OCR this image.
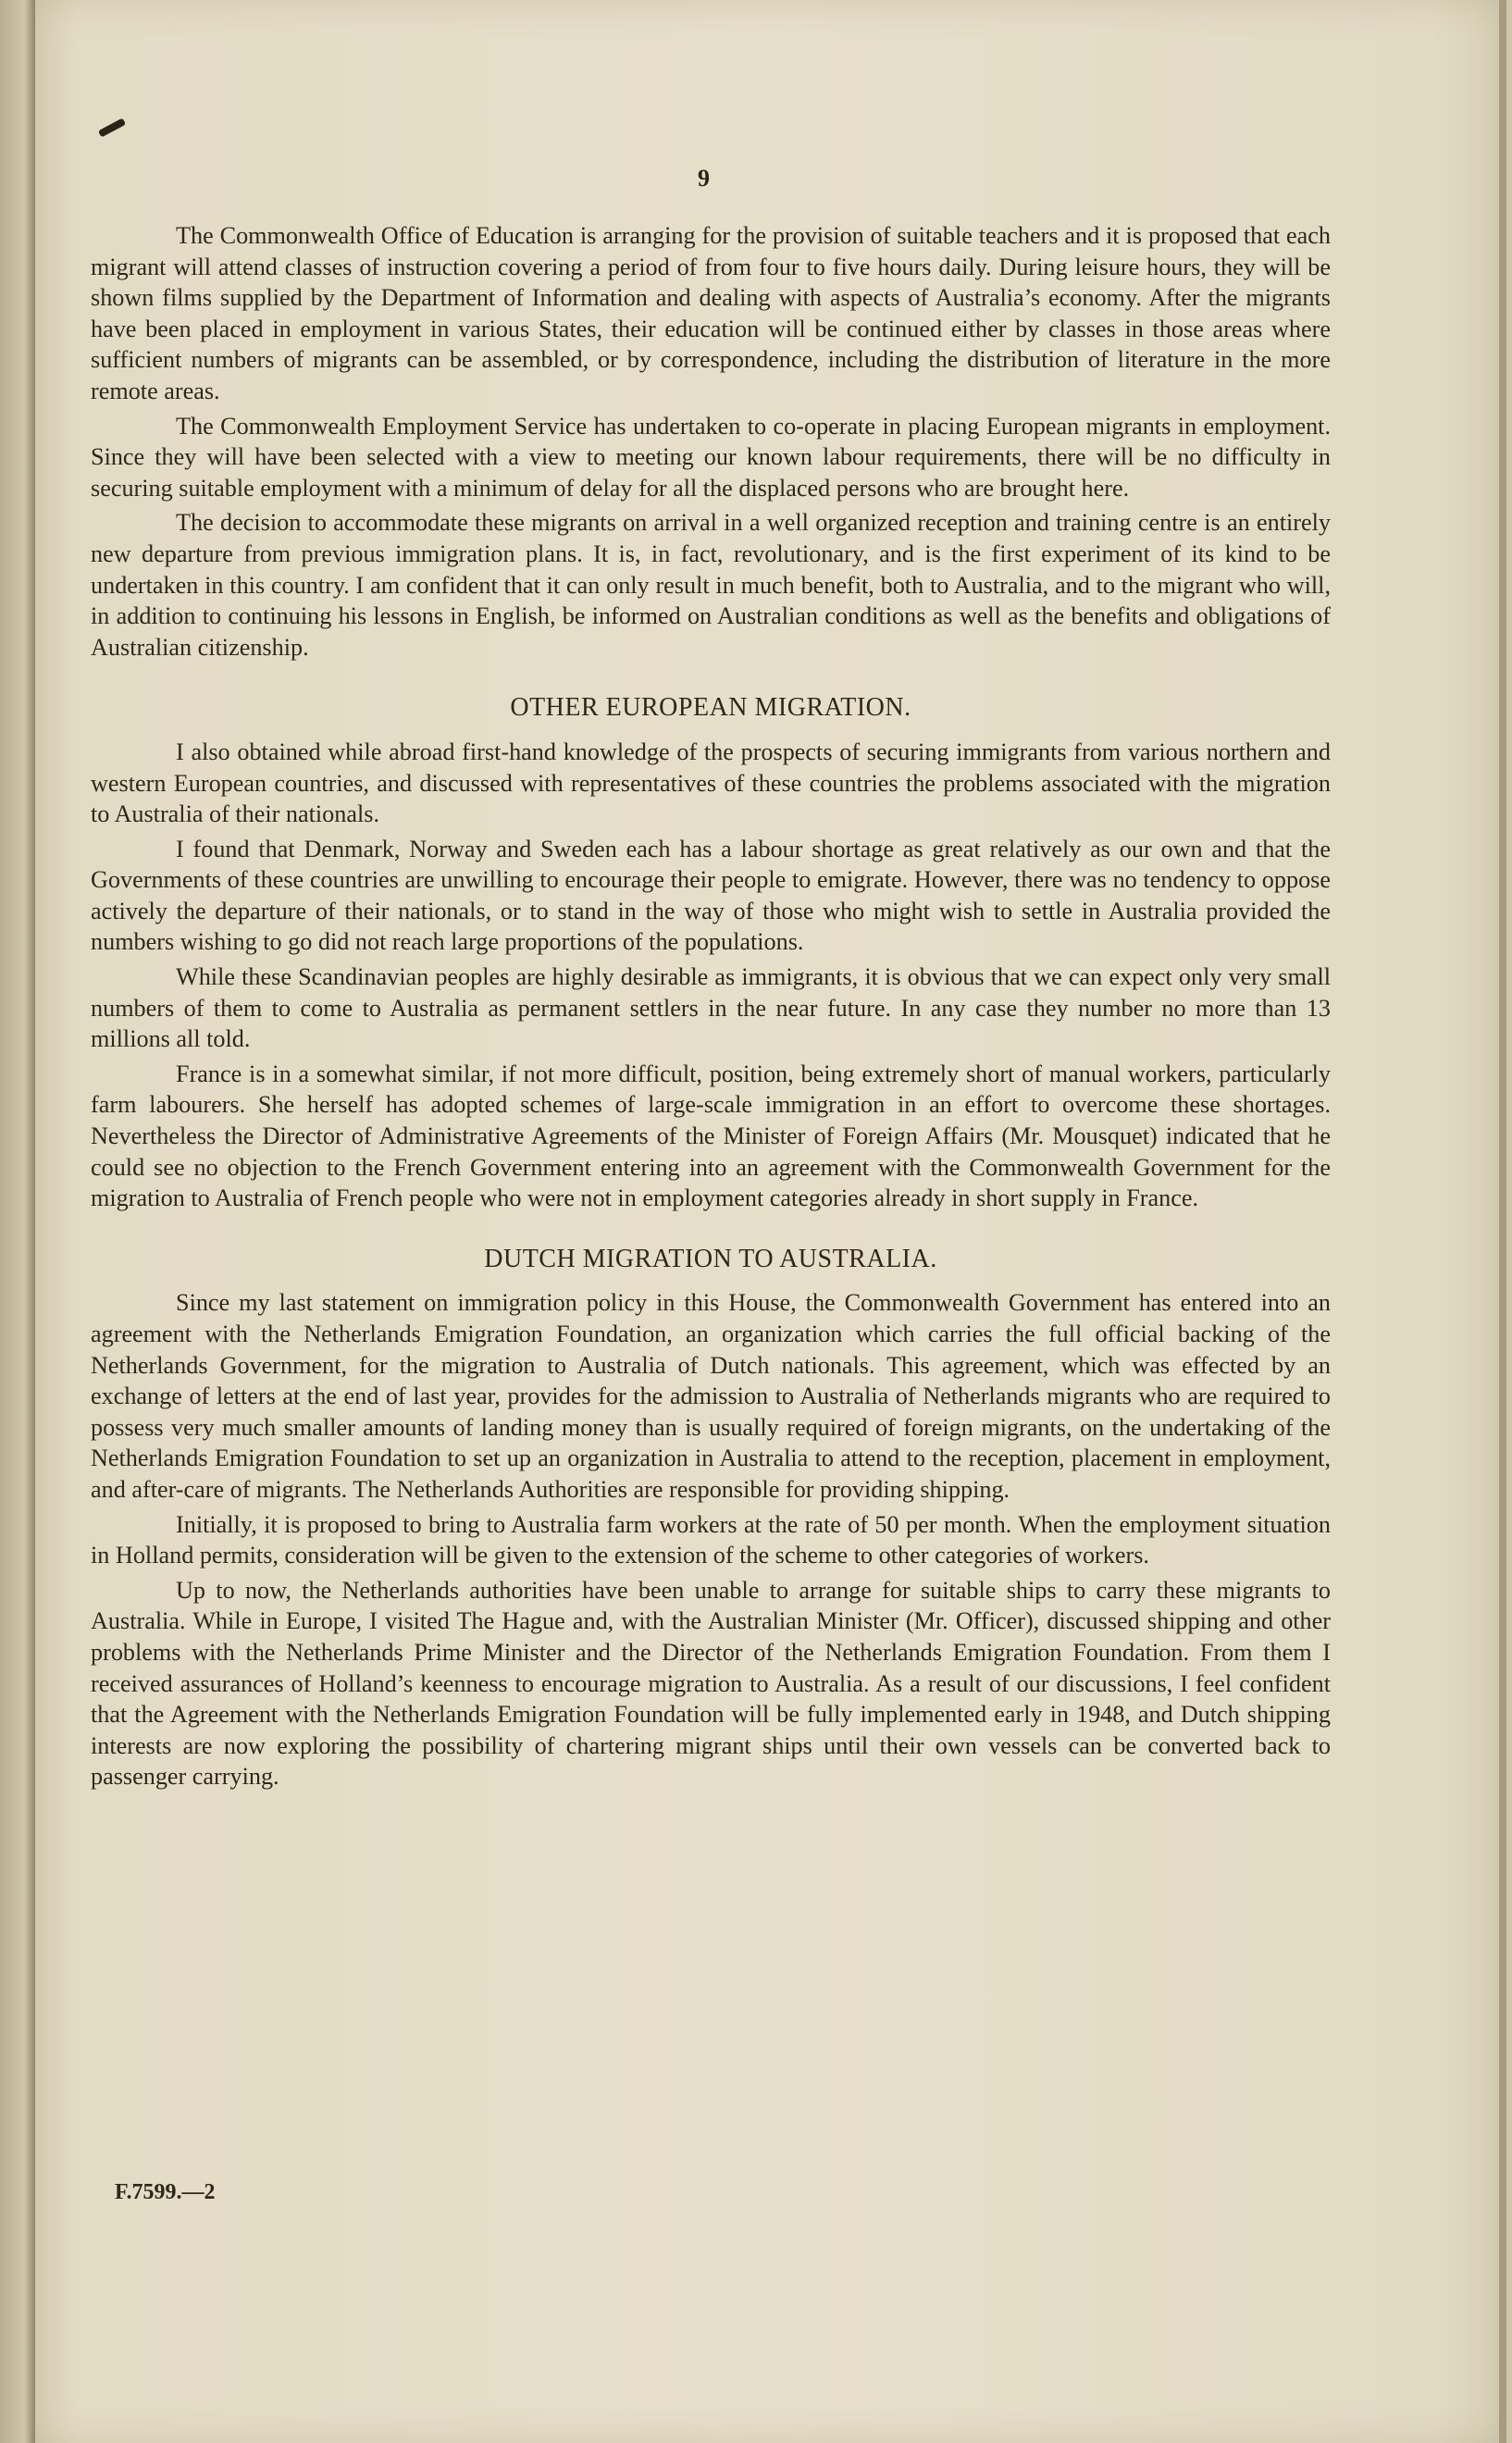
9

The Commonwealth Office of Education is arranging for the provision of suitable teachers and it is proposed that each migrant will attend classes of instruction covering a period of from four to five hours daily. During leisure hours, they will be shown films supplied by the Department of Information and dealing with aspects of Australia’s economy. After the migrants have been placed in employment in various States, their education will be continued either by classes in those areas where sufficient numbers of migrants can be assembled, or by correspondence, including the distribution of literature in the more remote areas.

The Commonwealth Employment Service has undertaken to co-operate in placing European migrants in employment. Since they will have been selected with a view to meeting our known labour requirements, there will be no difficulty in securing suitable employment with a minimum of delay for all the displaced persons who are brought here.

The decision to accommodate these migrants on arrival in a well organized reception and training centre is an entirely new departure from previous immigration plans. It is, in fact, revolutionary, and is the first experiment of its kind to be undertaken in this country. I am confident that it can only result in much benefit, both to Australia, and to the migrant who will, in addition to continuing his lessons in English, be informed on Australian conditions as well as the benefits and obligations of Australian citizenship.

OTHER EUROPEAN MIGRATION.

I also obtained while abroad first-hand knowledge of the prospects of securing immigrants from various northern and western European countries, and discussed with representatives of these countries the problems associated with the migration to Australia of their nationals.

I found that Denmark, Norway and Sweden each has a labour shortage as great relatively as our own and that the Governments of these countries are unwilling to encourage their people to emigrate. However, there was no tendency to oppose actively the departure of their nationals, or to stand in the way of those who might wish to settle in Australia provided the numbers wishing to go did not reach large proportions of the populations.

While these Scandinavian peoples are highly desirable as immigrants, it is obvious that we can expect only very small numbers of them to come to Australia as permanent settlers in the near future. In any case they number no more than 13 millions all told.

France is in a somewhat similar, if not more difficult, position, being extremely short of manual workers, particularly farm labourers. She herself has adopted schemes of large-scale immigration in an effort to overcome these shortages. Nevertheless the Director of Administrative Agreements of the Minister of Foreign Affairs (Mr. Mousquet) indicated that he could see no objection to the French Government entering into an agreement with the Commonwealth Government for the migration to Australia of French people who were not in employment categories already in short supply in France.

DUTCH MIGRATION TO AUSTRALIA.

Since my last statement on immigration policy in this House, the Commonwealth Government has entered into an agreement with the Netherlands Emigration Foundation, an organization which carries the full official backing of the Netherlands Government, for the migration to Australia of Dutch nationals. This agreement, which was effected by an exchange of letters at the end of last year, provides for the admission to Australia of Netherlands migrants who are required to possess very much smaller amounts of landing money than is usually required of foreign migrants, on the undertaking of the Netherlands Emigration Foundation to set up an organization in Australia to attend to the reception, placement in employment, and after-care of migrants. The Netherlands Authorities are responsible for providing shipping.

Initially, it is proposed to bring to Australia farm workers at the rate of 50 per month. When the employment situation in Holland permits, consideration will be given to the extension of the scheme to other categories of workers.

Up to now, the Netherlands authorities have been unable to arrange for suitable ships to carry these migrants to Australia. While in Europe, I visited The Hague and, with the Australian Minister (Mr. Officer), discussed shipping and other problems with the Netherlands Prime Minister and the Director of the Netherlands Emigration Foundation. From them I received assurances of Holland’s keenness to encourage migration to Australia. As a result of our discussions, I feel confident that the Agreement with the Netherlands Emigration Foundation will be fully implemented early in 1948, and Dutch shipping interests are now exploring the possibility of chartering migrant ships until their own vessels can be converted back to passenger carrying.

F.7599.—2
